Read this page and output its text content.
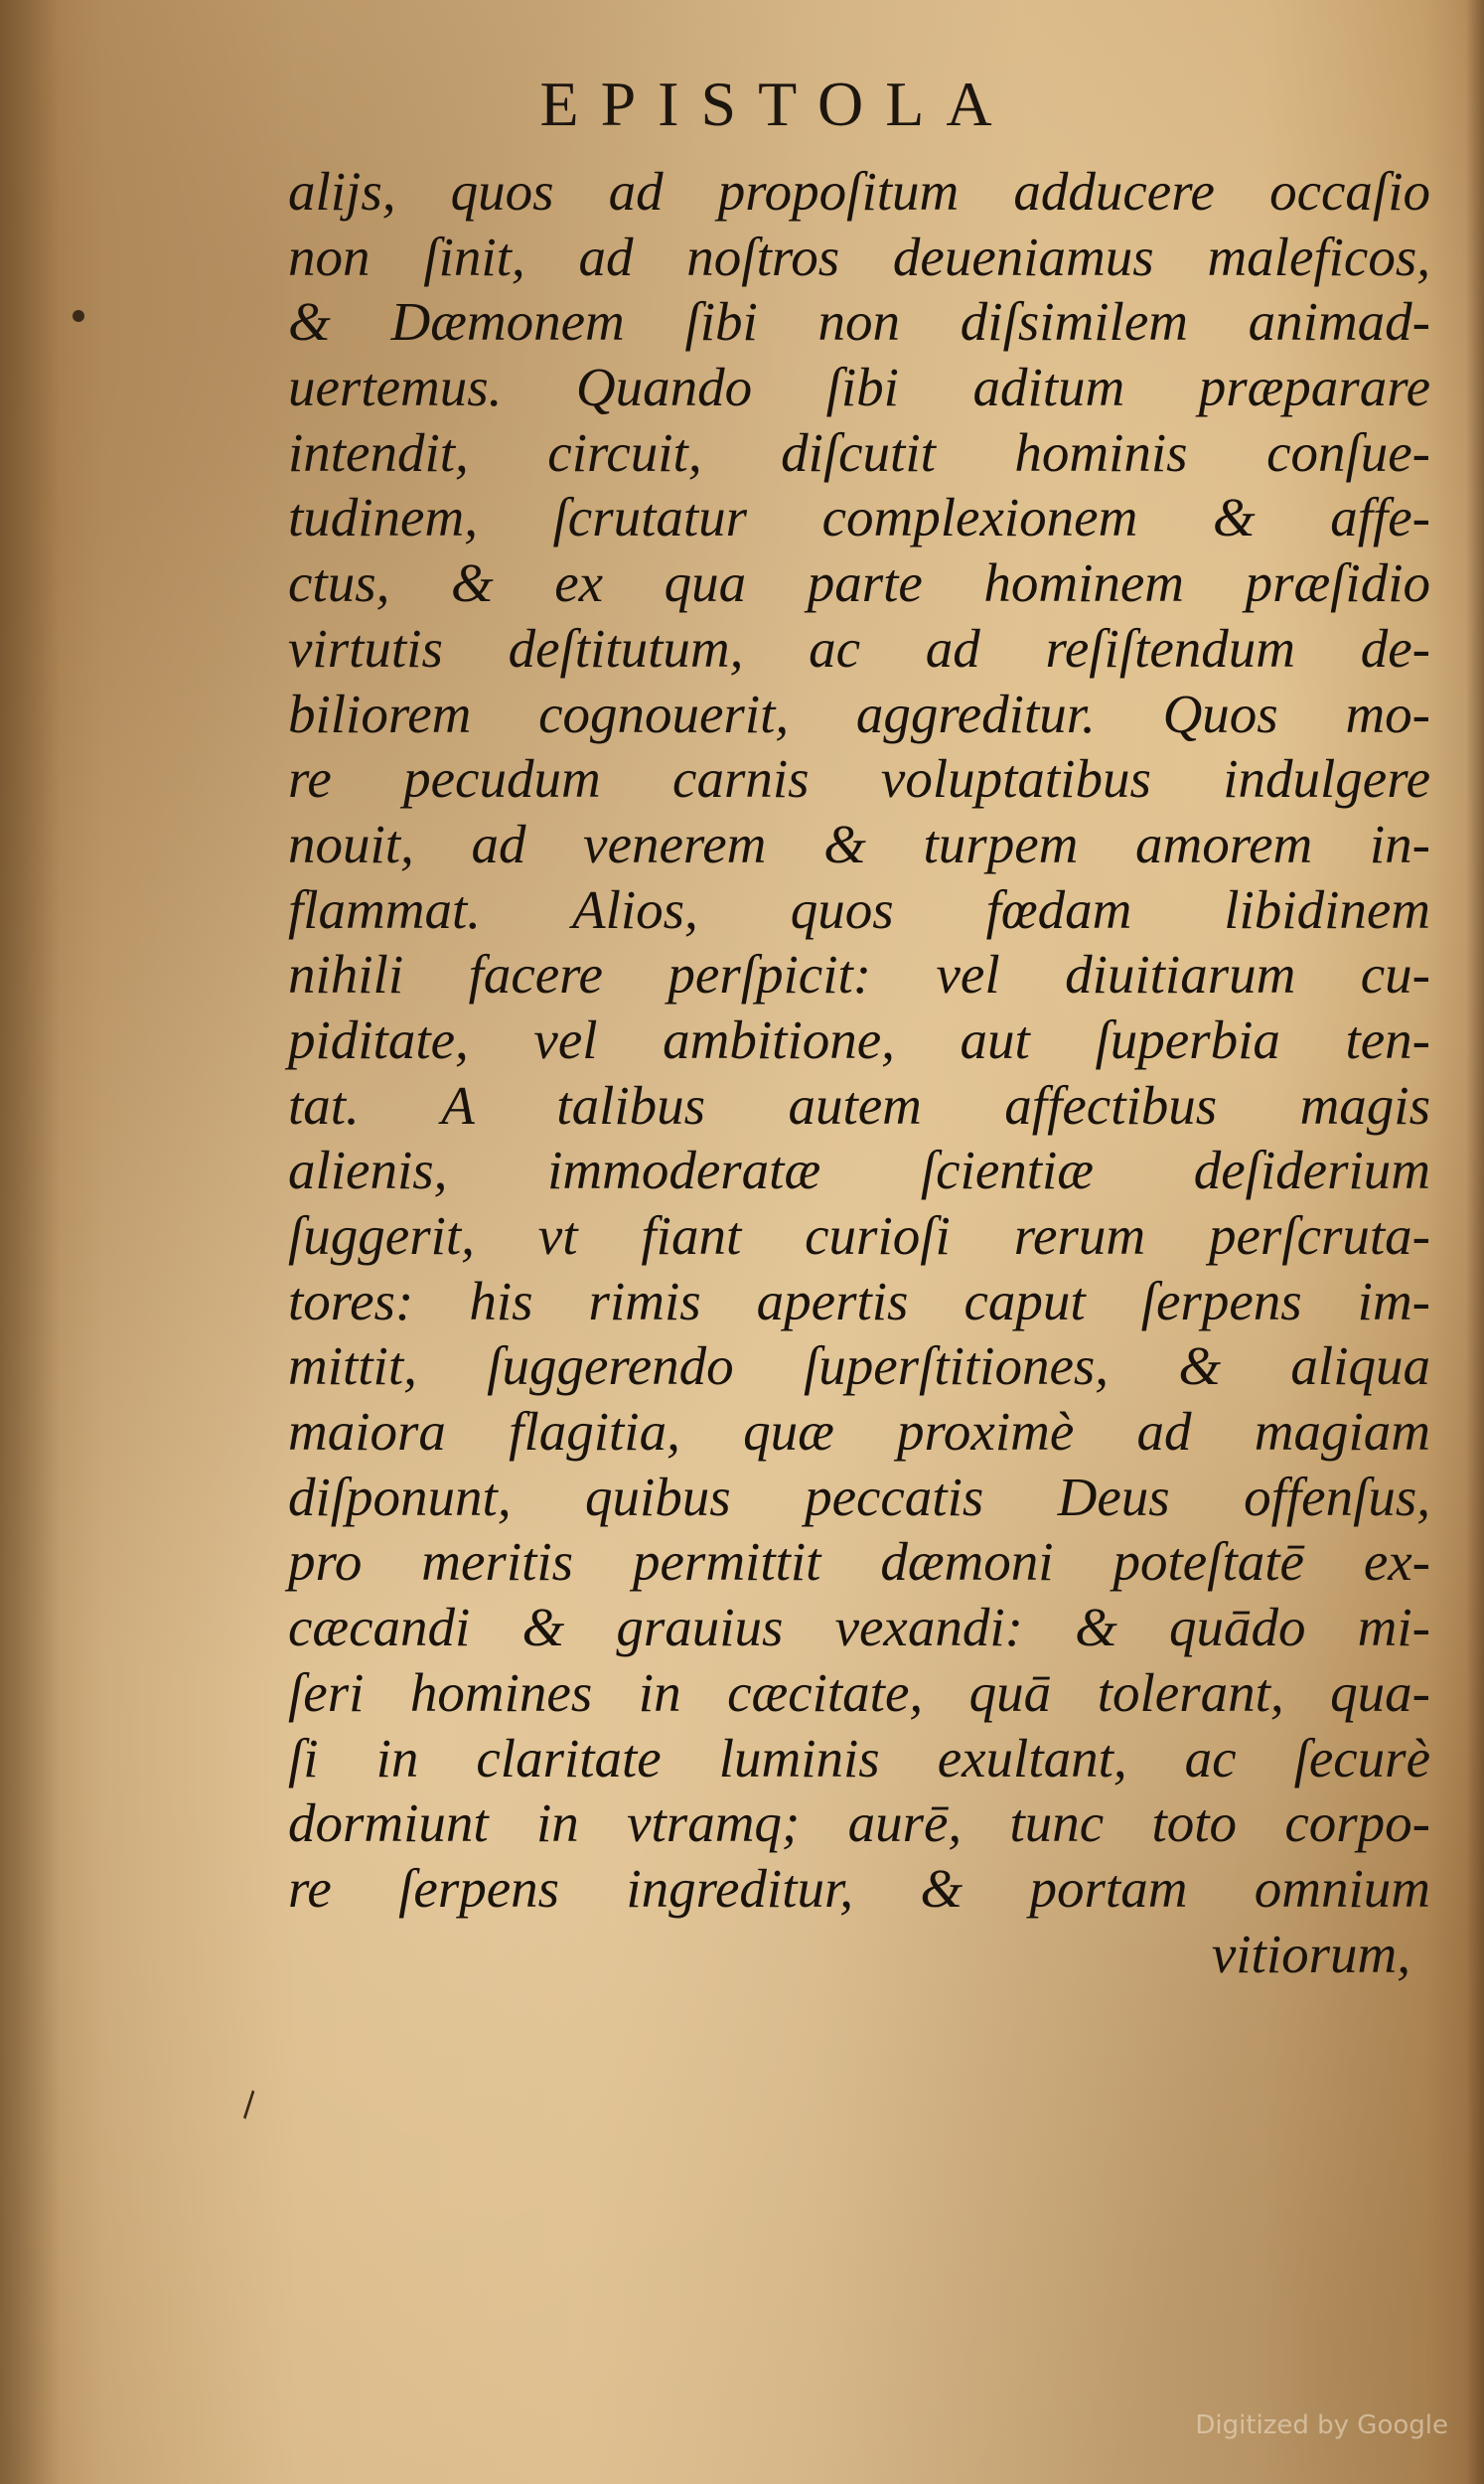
EPISTOLA
alijs, quos ad propoſitum adducere occaſio
non ſinit, ad noſtros deueniamus maleficos,
& Dæmonem ſibi non diſsimilem animad-
uertemus. Quando ſibi aditum præparare
intendit, circuit, diſcutit hominis conſue-
tudinem, ſcrutatur complexionem & affe-
ctus, & ex qua parte hominem præſidio
virtutis deſtitutum, ac ad reſiſtendum de-
biliorem cognouerit, aggreditur. Quos mo-
re pecudum carnis voluptatibus indulgere
nouit, ad venerem & turpem amorem in-
flammat. Alios, quos fœdam libidinem
nihili facere perſpicit: vel diuitiarum cu-
piditate, vel ambitione, aut ſuperbia ten-
tat. A talibus autem affectibus magis
alienis, immoderatæ ſcientiæ deſiderium
ſuggerit, vt fiant curioſi rerum perſcruta-
tores: his rimis apertis caput ſerpens im-
mittit, ſuggerendo ſuperſtitiones, & aliqua
maiora flagitia, quæ proximè ad magiam
diſponunt, quibus peccatis Deus offenſus,
pro meritis permittit dæmoni poteſtatē ex-
cæcandi & grauius vexandi: & quādo mi-
ſeri homines in cæcitate, quā tolerant, qua-
ſi in claritate luminis exultant, ac ſecurè
dormiunt in vtramq; aurē, tunc toto corpo-
re ſerpens ingreditur, & portam omnium
vitiorum,
\
Digitized by Google
